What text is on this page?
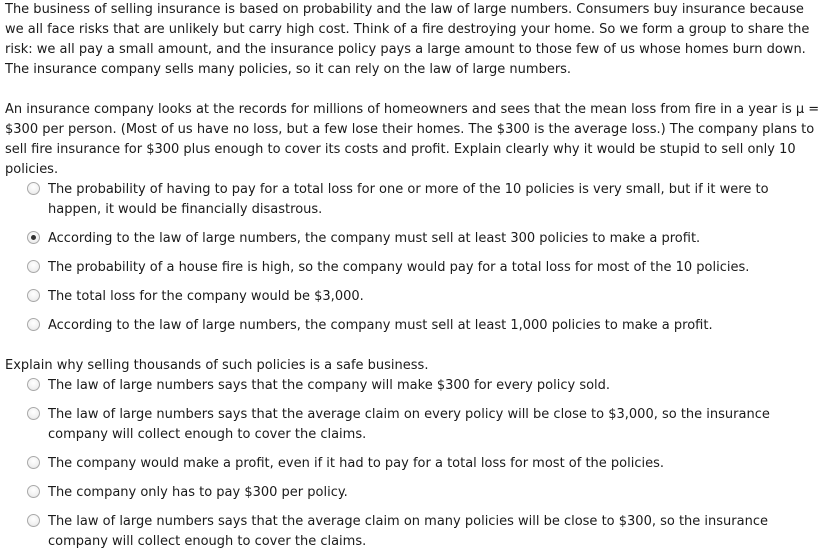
The business of selling insurance is based on probability and the law of large numbers. Consumers buy insurance because we all face risks that are unlikely but carry high cost. Think of a fire destroying your home. So we form a group to share the risk: we all pay a small amount, and the insurance policy pays a large amount to those few of us whose homes burn down. The insurance company sells many policies, so it can rely on the law of large numbers.

An insurance company looks at the records for millions of homeowners and sees that the mean loss from fire in a year is μ = $300 per person. (Most of us have no loss, but a few lose their homes. The $300 is the average loss.) The company plans to sell fire insurance for $300 plus enough to cover its costs and profit. Explain clearly why it would be stupid to sell only 10 policies.

The probability of having to pay for a total loss for one or more of the 10 policies is very small, but if it were to happen, it would be financially disastrous.
According to the law of large numbers, the company must sell at least 300 policies to make a profit.
The probability of a house fire is high, so the company would pay for a total loss for most of the 10 policies.
The total loss for the company would be $3,000.
According to the law of large numbers, the company must sell at least 1,000 policies to make a profit.

Explain why selling thousands of such policies is a safe business.

The law of large numbers says that the company will make $300 for every policy sold.
The law of large numbers says that the average claim on every policy will be close to $3,000, so the insurance company will collect enough to cover the claims.
The company would make a profit, even if it had to pay for a total loss for most of the policies.
The company only has to pay $300 per policy.
The law of large numbers says that the average claim on many policies will be close to $300, so the insurance company will collect enough to cover the claims.
